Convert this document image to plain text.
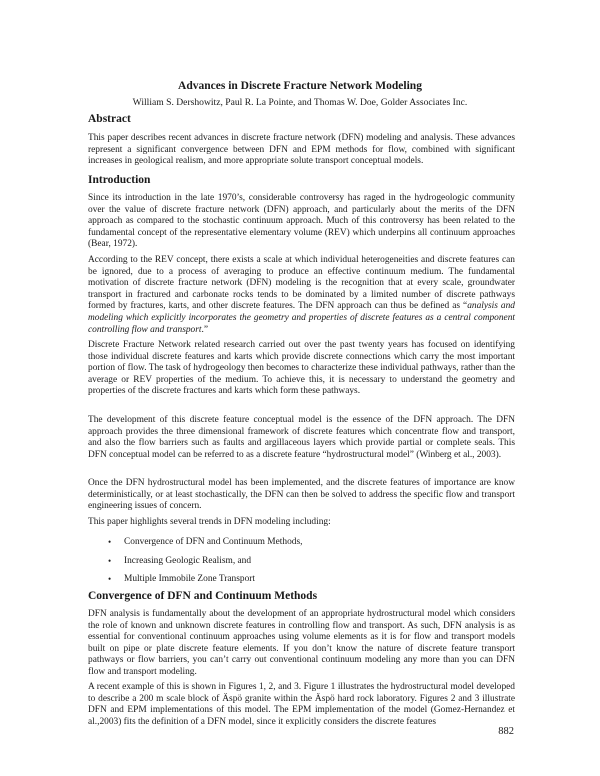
Advances in Discrete Fracture Network Modeling
William S. Dershowitz, Paul R. La Pointe, and Thomas W. Doe, Golder Associates Inc.
Abstract

This paper describes recent advances in discrete fracture network (DFN) modeling and analysis. These advances represent a significant convergence between DFN and EPM methods for flow, combined with significant increases in geological realism, and more appropriate solute transport conceptual models.

Introduction

Since its introduction in the late 1970’s, considerable controversy has raged in the hydrogeologic community over the value of discrete fracture network (DFN) approach, and particularly about the merits of the DFN approach as compared to the stochastic continuum approach. Much of this controversy has been related to the fundamental concept of the representative elementary volume (REV) which underpins all continuum approaches (Bear, 1972).

According to the REV concept, there exists a scale at which individual heterogeneities and discrete features can be ignored, due to a process of averaging to produce an effective continuum medium. The fundamental motivation of discrete fracture network (DFN) modeling is the recognition that at every scale, groundwater transport in fractured and carbonate rocks tends to be dominated by a limited number of discrete pathways formed by fractures, karts, and other discrete features. The DFN approach can thus be defined as “analysis and modeling which explicitly incorporates the geometry and properties of discrete features as a central component controlling flow and transport.”

Discrete Fracture Network related research carried out over the past twenty years has focused on identifying those individual discrete features and karts which provide discrete connections which carry the most important portion of flow. The task of hydrogeology then becomes to characterize these individual pathways, rather than the average or REV properties of the medium. To achieve this, it is necessary to understand the geometry and properties of the discrete fractures and karts which form these pathways.

The development of this discrete feature conceptual model is the essence of the DFN approach. The DFN approach provides the three dimensional framework of discrete features which concentrate flow and transport, and also the flow barriers such as faults and argillaceous layers which provide partial or complete seals. This DFN conceptual model can be referred to as a discrete feature “hydrostructural model” (Winberg et al., 2003).

Once the DFN hydrostructural model has been implemented, and the discrete features of importance are know deterministically, or at least stochastically, the DFN can then be solved to address the specific flow and transport engineering issues of concern.

This paper highlights several trends in DFN modeling including:

• Convergence of DFN and Continuum Methods,
• Increasing Geologic Realism, and
• Multiple Immobile Zone Transport
Convergence of DFN and Continuum Methods

DFN analysis is fundamentally about the development of an appropriate hydrostructural model which considers the role of known and unknown discrete features in controlling flow and transport. As such, DFN analysis is as essential for conventional continuum approaches using volume elements as it is for flow and transport models built on pipe or plate discrete feature elements. If you don’t know the nature of discrete feature transport pathways or flow barriers, you can’t carry out conventional continuum modeling any more than you can DFN flow and transport modeling.

A recent example of this is shown in Figures 1, 2, and 3. Figure 1 illustrates the hydrostructural model developed to describe a 200 m scale block of Äspö granite within the Äspö hard rock laboratory. Figures 2 and 3 illustrate DFN and EPM implementations of this model. The EPM implementation of the model (Gomez-Hernandez et al.,2003) fits the definition of a DFN model, since it explicitly considers the discrete features

882
